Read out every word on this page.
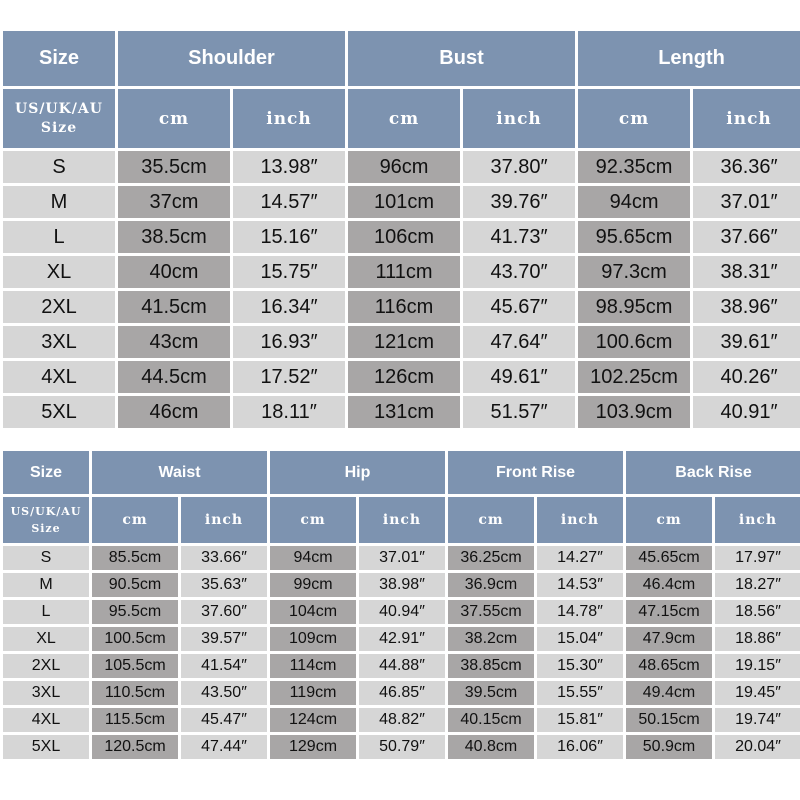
Size	Shoulder		Bust		Length	

US/UK/AU
Size	cm	inch	cm	inch	cm	inch
S	35.5cm	13.98″	96cm	37.80″	92.35cm	36.36″
M	37cm	14.57″	101cm	39.76″	94cm	37.01″
L	38.5cm	15.16″	106cm	41.73″	95.65cm	37.66″
XL	40cm	15.75″	111cm	43.70″	97.3cm	38.31″
2XL	41.5cm	16.34″	116cm	45.67″	98.95cm	38.96″
3XL	43cm	16.93″	121cm	47.64″	100.6cm	39.61″
4XL	44.5cm	17.52″	126cm	49.61″	102.25cm	40.26″
5XL	46cm	18.11″	131cm	51.57″	103.9cm	40.91″
Size	Waist		Hip		Front Rise		Back Rise	

US/UK/AU
Size	cm	inch	cm	inch	cm	inch	cm	inch
S	85.5cm	33.66″	94cm	37.01″	36.25cm	14.27″	45.65cm	17.97″
M	90.5cm	35.63″	99cm	38.98″	36.9cm	14.53″	46.4cm	18.27″
L	95.5cm	37.60″	104cm	40.94″	37.55cm	14.78″	47.15cm	18.56″
XL	100.5cm	39.57″	109cm	42.91″	38.2cm	15.04″	47.9cm	18.86″
2XL	105.5cm	41.54″	114cm	44.88″	38.85cm	15.30″	48.65cm	19.15″
3XL	110.5cm	43.50″	119cm	46.85″	39.5cm	15.55″	49.4cm	19.45″
4XL	115.5cm	45.47″	124cm	48.82″	40.15cm	15.81″	50.15cm	19.74″
5XL	120.5cm	47.44″	129cm	50.79″	40.8cm	16.06″	50.9cm	20.04″
